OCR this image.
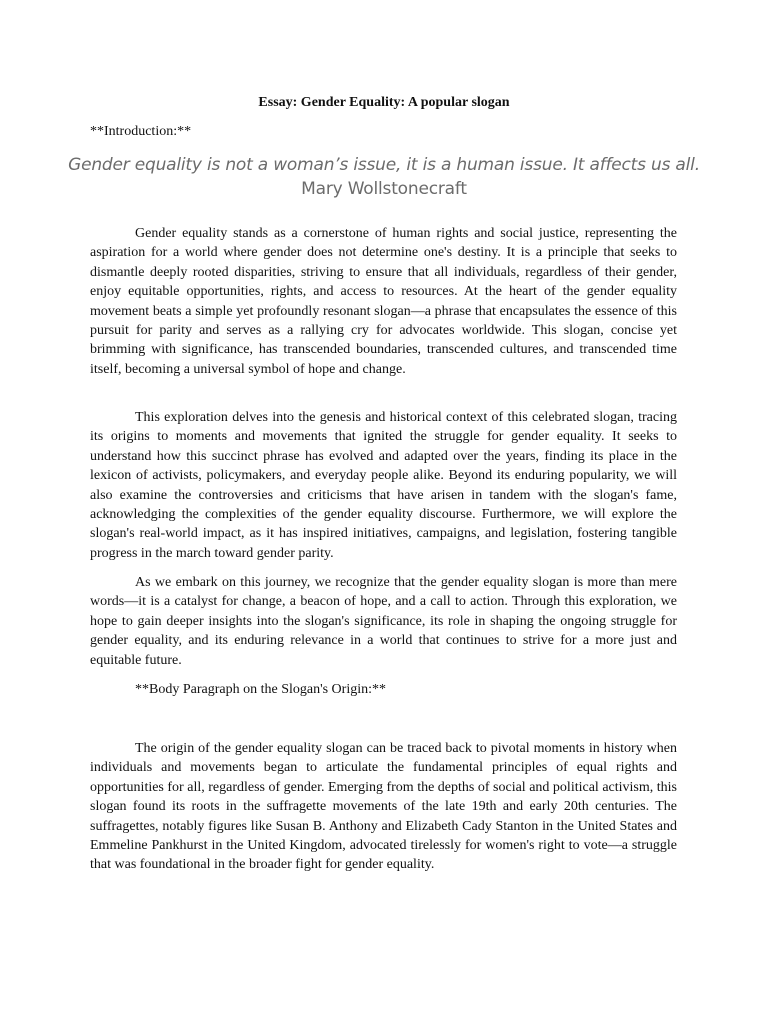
Essay: Gender Equality: A popular slogan

**Introduction:**

Gender equality is not a woman’s issue, it is a human issue. It affects us all.
Mary Wollstonecraft

Gender equality stands as a cornerstone of human rights and social justice, representing the aspiration for a world where gender does not determine one's destiny. It is a principle that seeks to dismantle deeply rooted disparities, striving to ensure that all individuals, regardless of their gender, enjoy equitable opportunities, rights, and access to resources. At the heart of the gender equality movement beats a simple yet profoundly resonant slogan—a phrase that encapsulates the essence of this pursuit for parity and serves as a rallying cry for advocates worldwide. This slogan, concise yet brimming with significance, has transcended boundaries, transcended cultures, and transcended time itself, becoming a universal symbol of hope and change.

This exploration delves into the genesis and historical context of this celebrated slogan, tracing its origins to moments and movements that ignited the struggle for gender equality. It seeks to understand how this succinct phrase has evolved and adapted over the years, finding its place in the lexicon of activists, policymakers, and everyday people alike. Beyond its enduring popularity, we will also examine the controversies and criticisms that have arisen in tandem with the slogan's fame, acknowledging the complexities of the gender equality discourse. Furthermore, we will explore the slogan's real-world impact, as it has inspired initiatives, campaigns, and legislation, fostering tangible progress in the march toward gender parity.

As we embark on this journey, we recognize that the gender equality slogan is more than mere words—it is a catalyst for change, a beacon of hope, and a call to action. Through this exploration, we hope to gain deeper insights into the slogan's significance, its role in shaping the ongoing struggle for gender equality, and its enduring relevance in a world that continues to strive for a more just and equitable future.

**Body Paragraph on the Slogan's Origin:**

The origin of the gender equality slogan can be traced back to pivotal moments in history when individuals and movements began to articulate the fundamental principles of equal rights and opportunities for all, regardless of gender. Emerging from the depths of social and political activism, this slogan found its roots in the suffragette movements of the late 19th and early 20th centuries. The suffragettes, notably figures like Susan B. Anthony and Elizabeth Cady Stanton in the United States and Emmeline Pankhurst in the United Kingdom, advocated tirelessly for women's right to vote—a struggle that was foundational in the broader fight for gender equality.
